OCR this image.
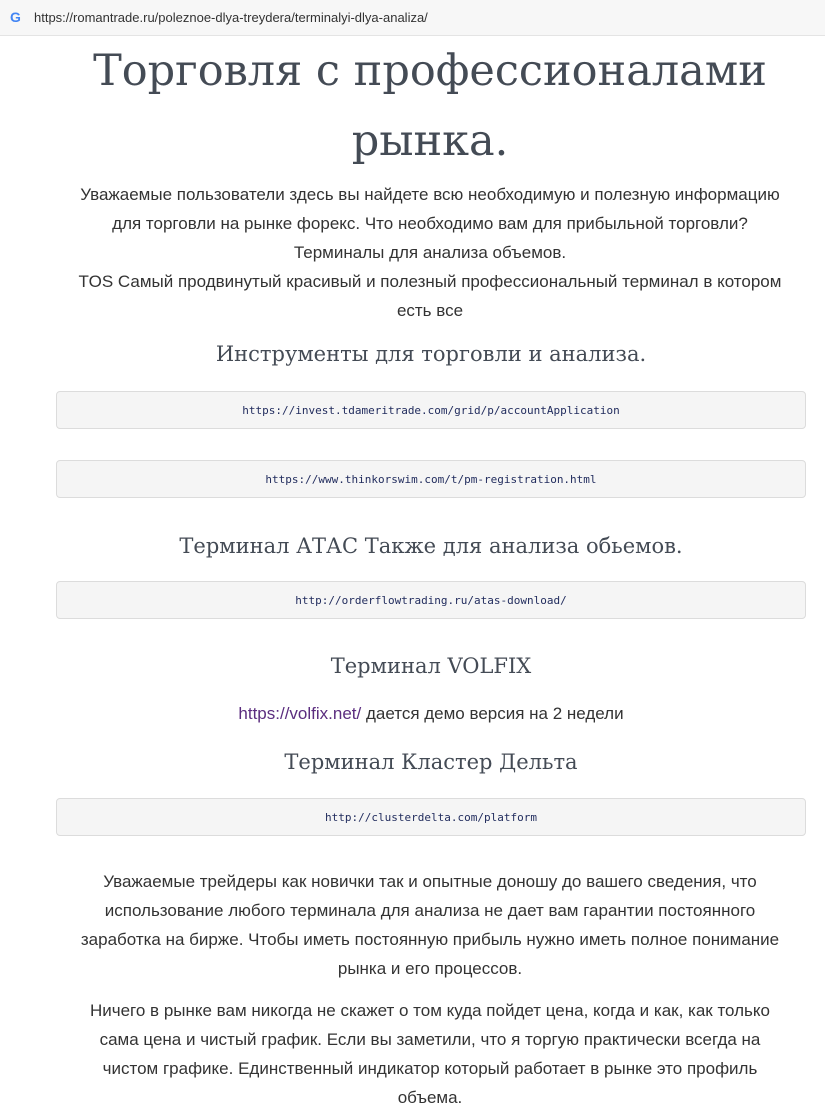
G https://romantrade.ru/poleznoe-dlya-treydera/terminalyi-dlya-analiza/
Торговля с профессионалами
рынка.
Уважаемые пользователи здесь вы найдете всю необходимую и полезную информацию
для торговли на рынке форекс. Что необходимо вам для прибыльной торговли?
Терминалы для анализа объемов.
TOS Самый продвинутый красивый и полезный профессиональный терминал в котором
есть все
Инструменты для торговли и анализа.
https://invest.tdameritrade.com/grid/p/accountApplication
https://www.thinkorswim.com/t/pm-registration.html
Терминал АТАС Также для анализа обьемов.
http://orderflowtrading.ru/atas-download/
Терминал VOLFIX
https://volfix.net/ дается демо версия на 2 недели
Терминал Кластер Дельта
http://clusterdelta.com/platform
Уважаемые трейдеры как новички так и опытные доношу до вашего сведения, что
использование любого терминала для анализа не дает вам гарантии постоянного
заработка на бирже. Чтобы иметь постоянную прибыль нужно иметь полное понимание
рынка и его процессов.
Ничего в рынке вам никогда не скажет о том куда пойдет цена, когда и как, как только
сама цена и чистый график. Если вы заметили, что я торгую практически всегда на
чистом графике. Единственный индикатор который работает в рынке это профиль
объема.
